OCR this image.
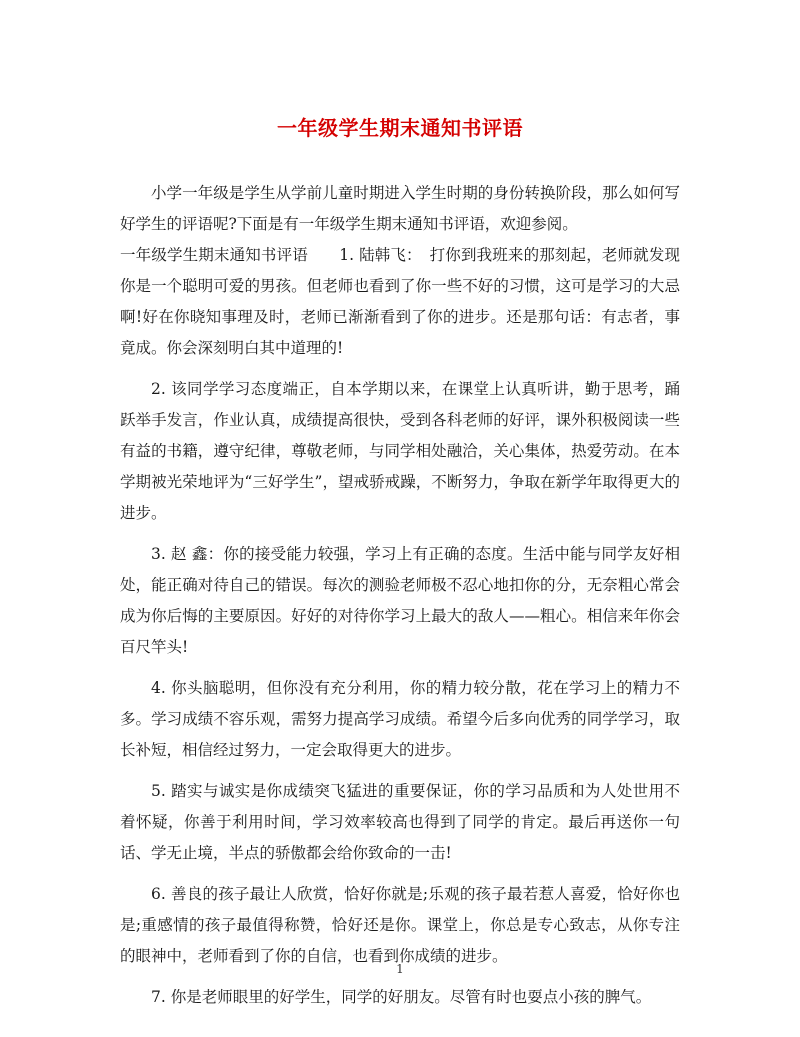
一年级学生期末通知书评语

小学一年级是学生从学前儿童时期进入学生时期的身份转换阶段，那么如何写好学生的评语呢?下面是有一年级学生期末通知书评语，欢迎参阅。

一年级学生期末通知书评语　　1. 陆韩飞：　打你到我班来的那刻起，老师就发现你是一个聪明可爱的男孩。但老师也看到了你一些不好的习惯，这可是学习的大忌啊!好在你晓知事理及时，老师已渐渐看到了你的进步。还是那句话：有志者，事竟成。你会深刻明白其中道理的!

2. 该同学学习态度端正，自本学期以来，在课堂上认真听讲，勤于思考，踊跃举手发言，作业认真，成绩提高很快，受到各科老师的好评，课外积极阅读一些有益的书籍，遵守纪律，尊敬老师，与同学相处融洽，关心集体，热爱劳动。在本学期被光荣地评为“三好学生”，望戒骄戒躁，不断努力，争取在新学年取得更大的进步。

3. 赵 鑫：你的接受能力较强，学习上有正确的态度。生活中能与同学友好相处，能正确对待自己的错误。每次的测验老师极不忍心地扣你的分，无奈粗心常会成为你后悔的主要原因。好好的对待你学习上最大的敌人——粗心。相信来年你会百尺竿头!

4. 你头脑聪明，但你没有充分利用，你的精力较分散，花在学习上的精力不多。学习成绩不容乐观，需努力提高学习成绩。希望今后多向优秀的同学学习，取长补短，相信经过努力，一定会取得更大的进步。

5. 踏实与诚实是你成绩突飞猛进的重要保证，你的学习品质和为人处世用不着怀疑，你善于利用时间，学习效率较高也得到了同学的肯定。最后再送你一句话、学无止境，半点的骄傲都会给你致命的一击!

6. 善良的孩子最让人欣赏，恰好你就是;乐观的孩子最若惹人喜爱，恰好你也是;重感情的孩子最值得称赞，恰好还是你。课堂上，你总是专心致志，从你专注的眼神中，老师看到了你的自信，也看到你成绩的进步。

7. 你是老师眼里的好学生，同学的好朋友。尽管有时也耍点小孩的脾气。

1
